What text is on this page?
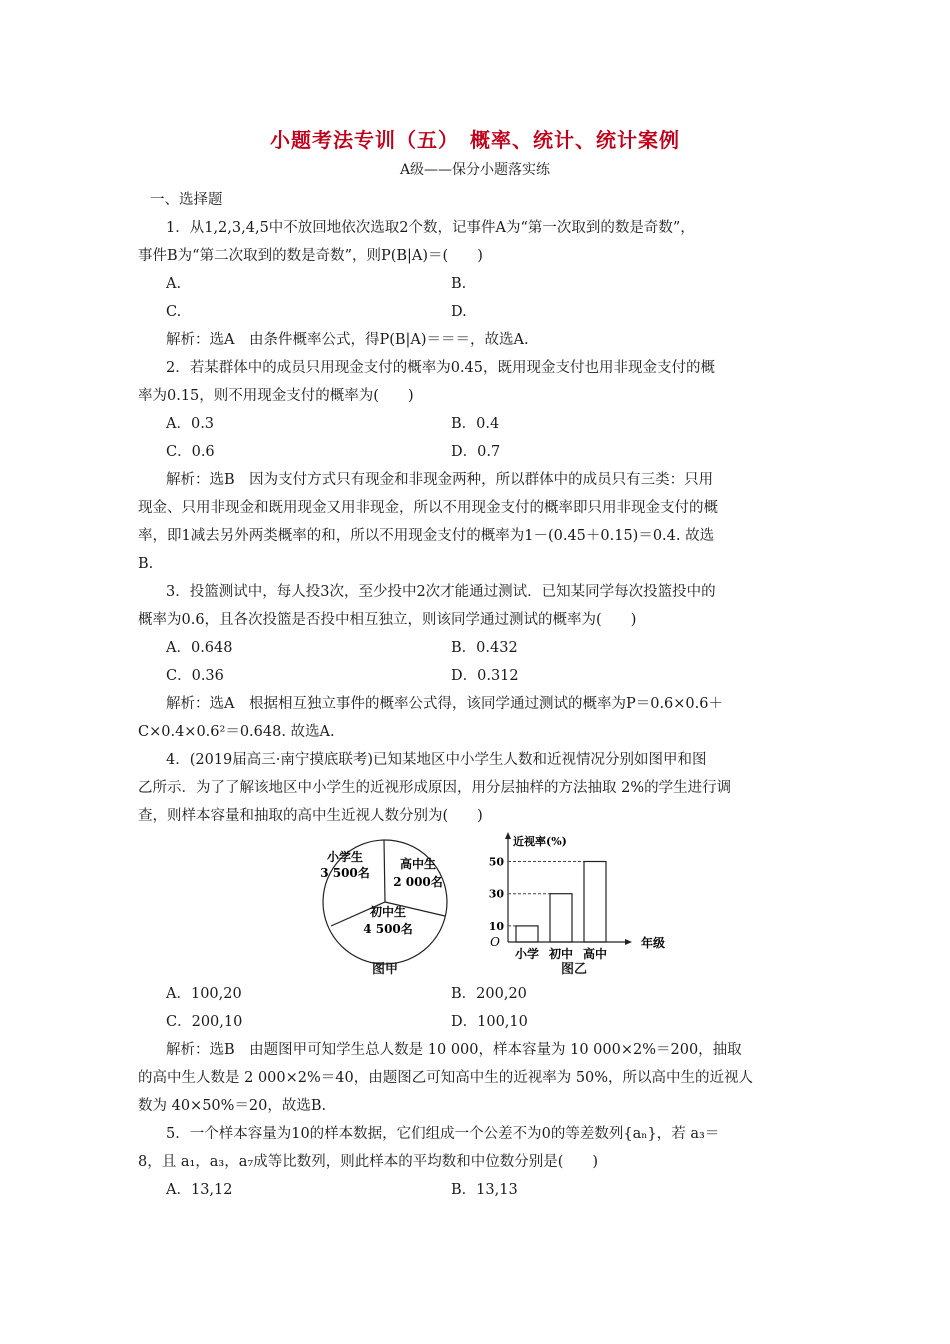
小题考法专训（五）　概率、统计、统计案例
A级——保分小题落实练
一、选择题
1．从1,2,3,4,5中不放回地依次选取2个数，记事件A为“第一次取到的数是奇数”，
事件B为“第二次取到的数是奇数”，则P(B|A)＝(　　)
A.	B.
C.	D.
解析：选A　由条件概率公式，得P(B|A)＝＝＝，故选A.
2．若某群体中的成员只用现金支付的概率为0.45，既用现金支付也用非现金支付的概
率为0.15，则不用现金支付的概率为(　　)
A．0.3	B．0.4
C．0.6	D．0.7
解析：选B　因为支付方式只有现金和非现金两种，所以群体中的成员只有三类：只用
现金、只用非现金和既用现金又用非现金，所以不用现金支付的概率即只用非现金支付的概
率，即1减去另外两类概率的和，所以不用现金支付的概率为1－(0.45＋0.15)＝0.4. 故选
B.
3．投篮测试中，每人投3次，至少投中2次才能通过测试．已知某同学每次投篮投中的
概率为0.6，且各次投篮是否投中相互独立，则该同学通过测试的概率为(　　)
A．0.648	B．0.432
C．0.36	D．0.312
解析：选A　根据相互独立事件的概率公式得，该同学通过测试的概率为P＝0.6×0.6＋
C×0.4×0.6²＝0.648. 故选A.
4．(2019届高三·南宁摸底联考)已知某地区中小学生人数和近视情况分别如图甲和图
乙所示．为了了解该地区中小学生的近视形成原因，用分层抽样的方法抽取 2%的学生进行调
查，则样本容量和抽取的高中生近视人数分别为(　　)
小学生
3 500名
高中生
2 000名
初中生
4 500名
图甲
近视率(%)
O	年级
小学 初中 高中
10
30
50
图乙
A．100,20	B．200,20
C．200,10	D．100,10
解析：选B　由题图甲可知学生总人数是 10 000，样本容量为 10 000×2%＝200，抽取
的高中生人数是 2 000×2%＝40，由题图乙可知高中生的近视率为 50%，所以高中生的近视人
数为 40×50%＝20，故选B.
5．一个样本容量为10的样本数据，它们组成一个公差不为0的等差数列{aₙ}，若 a₃＝
8，且 a₁，a₃，a₇成等比数列，则此样本的平均数和中位数分别是(　　)
A．13,12	B．13,13
